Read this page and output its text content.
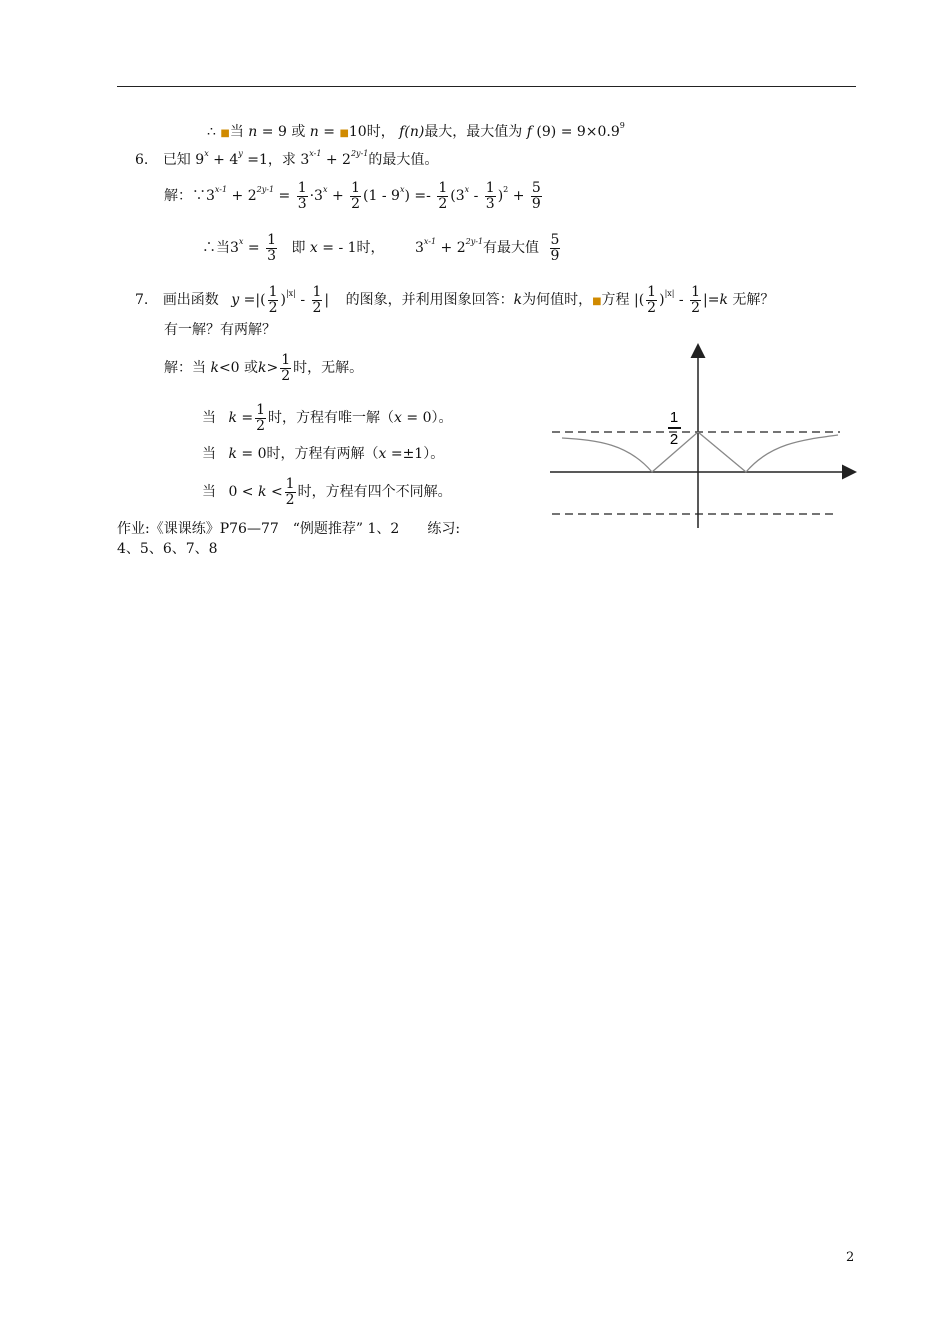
∴ ■当 n = 9 或 n = ■10时， f(n)最大，最大值为 f $(9) = 9\times 0.9^9$
6. 已知 $9^x + 4^y =1$，求 $3^{x-1} + 2^{2y-1}$的最大值。
解：$\because 3^{x-1} + 2^{2y-1} = \frac{1}{3} \cdot 3^x + \frac{1}{2} (1 - 9^x) =- \frac{1}{2} (3^x - \frac{1}{3} )^2 + \frac{5}{9}$
∴当$3^x = \frac{1}{3}$ 即 x = - 1时， $3^{x-1} + 2^{2y-1}$有最大值 $\frac{5}{9}$
7. 画出函数 y =|( $\frac{1}{2} )^{|x|} - \frac{1}{2}$ | 的图象，并利用图象回答：k为何值时，■方程 |( $\frac{1}{2} )^{|x|} - \frac{1}{2} |=k$ 无解？
有一解？有两解？
解：当 k<0 或$k> \frac{1}{2}$ 时，无解。
当 $k = \frac{1}{2}$ 时，方程有唯一解（x = 0）。
当 k = 0时，方程有两解（x =±1）。
当 $0 < k < \frac{1}{2}$ 时，方程有四个不同解。
作业:《课课练》P76—77　“例题推荐” 1、2　　练习:
4、5、6、7、8
1
2
2
